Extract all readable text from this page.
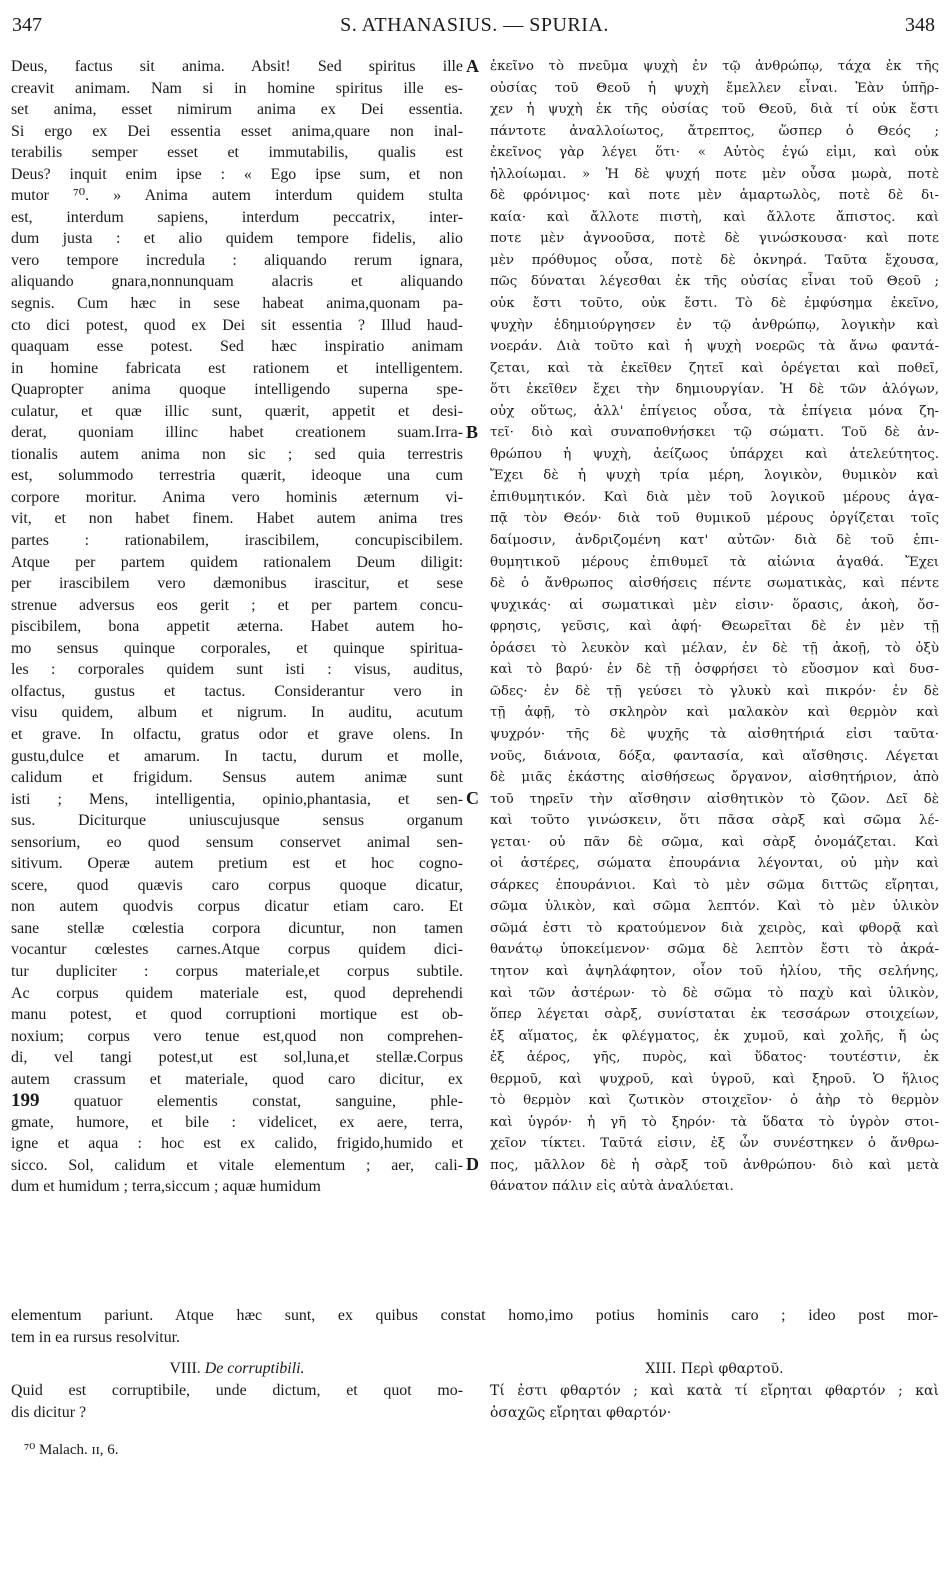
347	S. ATHANASIUS. — SPURIA.	348
Deus, factus sit anima. Absit! Sed spiritus ille
creavit animam. Nam si in homine spiritus ille es-
set anima, esset nimirum anima ex Dei essentia.
Si ergo ex Dei essentia esset anima,quare non inal-
terabilis semper esset et immutabilis, qualis est
Deus? inquit enim ipse : « Ego ipse sum, et non
mutor ⁷⁰. » Anima autem interdum quidem stulta
est, interdum sapiens, interdum peccatrix, inter-
dum justa : et alio quidem tempore fidelis, alio
vero tempore incredula : aliquando rerum ignara,
aliquando gnara,nonnunquam alacris et aliquando
segnis. Cum hæc in sese habeat anima,quonam pa-
cto dici potest, quod ex Dei sit essentia ? Illud haud-
quaquam esse potest. Sed hæc inspiratio animam
in homine fabricata est rationem et intelligentem.
Quapropter anima quoque intelligendo superna spe-
culatur, et quæ illic sunt, quærit, appetit et desi-
derat, quoniam illinc habet creationem suam.Irra-
tionalis autem anima non sic ; sed quia terrestris
est, solummodo terrestria quærit, ideoque una cum
corpore moritur. Anima vero hominis æternum vi-
vit, et non habet finem. Habet autem anima tres
partes : rationabilem, irascibilem, concupiscibilem.
Atque per partem quidem rationalem Deum diligit:
per irascibilem vero dæmonibus irascitur, et sese
strenue adversus eos gerit ; et per partem concu-
piscibilem, bona appetit æterna. Habet autem ho-
mo sensus quinque corporales, et quinque spiritua-
les : corporales quidem sunt isti : visus, auditus,
olfactus, gustus et tactus. Considerantur vero in
visu quidem, album et nigrum. In auditu, acutum
et grave. In olfactu, gratus odor et grave olens. In
gustu,dulce et amarum. In tactu, durum et molle,
calidum et frigidum. Sensus autem animæ sunt
isti ; Mens, intelligentia, opinio,phantasia, et sen-
sus. Diciturque uniuscujusque sensus organum
sensorium, eo quod sensum conservet animal sen-
sitivum. Operæ autem pretium est et hoc cogno-
scere, quod quævis caro corpus quoque dicatur,
non autem quodvis corpus dicatur etiam caro. Et
sane stellæ cœlestia corpora dicuntur, non tamen
vocantur cœlestes carnes.Atque corpus quidem dici-
tur dupliciter : corpus materiale,et corpus subtile.
Ac corpus quidem materiale est, quod deprehendi
manu potest, et quod corruptioni mortique est ob-
noxium; corpus vero tenue est,quod non comprehen-
di, vel tangi potest,ut est sol,luna,et stellæ.Corpus
autem crassum et materiale, quod caro dicitur, ex
199 quatuor elementis constat, sanguine, phle-
gmate, humore, et bile : videlicet, ex aere, terra,
igne et aqua : hoc est ex calido, frigido,humido et
sicco. Sol, calidum et vitale elementum ; aer, cali-
dum et humidum ; terra,siccum ; aquæ humidum
ἐκεῖνο τὸ πνεῦμα ψυχὴ ἐν τῷ ἀνθρώπῳ, τάχα ἐκ τῆς
οὐσίας τοῦ Θεοῦ ἡ ψυχὴ ἔμελλεν εἶναι. Ἐὰν ὑπῆρ-
χεν ἡ ψυχὴ ἐκ τῆς οὐσίας τοῦ Θεοῦ, διὰ τί οὐκ ἔστι
πάντοτε ἀναλλοίωτος, ἄτρεπτος, ὥσπερ ὁ Θεός ;
ἐκεῖνος γὰρ λέγει ὅτι· « Αὐτὸς ἐγώ εἰμι, καὶ οὐκ
ἠλλοίωμαι. » Ἡ δὲ ψυχή ποτε μὲν οὖσα μωρὰ, ποτὲ
δὲ φρόνιμος· καὶ ποτε μὲν ἁμαρτωλὸς, ποτὲ δὲ δι-
καία· καὶ ἄλλοτε πιστὴ, καὶ ἄλλοτε ἄπιστος. καὶ
ποτε μὲν ἀγνοοῦσα, ποτὲ δὲ γινώσκουσα· καὶ ποτε
μὲν πρόθυμος οὖσα, ποτὲ δὲ ὀκνηρά. Ταῦτα ἔχουσα,
πῶς δύναται λέγεσθαι ἐκ τῆς οὐσίας εἶναι τοῦ Θεοῦ ;
οὐκ ἔστι τοῦτο, οὐκ ἔστι. Τὸ δὲ ἐμφύσημα ἐκεῖνο,
ψυχὴν ἐδημιούργησεν ἐν τῷ ἀνθρώπῳ, λογικὴν καὶ
νοεράν. Διὰ τοῦτο καὶ ἡ ψυχὴ νοερῶς τὰ ἄνω φαντά-
ζεται, καὶ τὰ ἐκεῖθεν ζητεῖ καὶ ὀρέγεται καὶ ποθεῖ,
ὅτι ἐκεῖθεν ἔχει τὴν δημιουργίαν. Ἡ δὲ τῶν ἀλόγων,
οὐχ οὕτως, ἀλλ' ἐπίγειος οὖσα, τὰ ἐπίγεια μόνα ζη-
τεῖ· διὸ καὶ συναποθνήσκει τῷ σώματι. Τοῦ δὲ ἀν-
θρώπου ἡ ψυχὴ, ἀείζωος ὑπάρχει καὶ ἀτελεύτητος.
Ἔχει δὲ ἡ ψυχὴ τρία μέρη, λογικὸν, θυμικὸν καὶ
ἐπιθυμητικόν. Καὶ διὰ μὲν τοῦ λογικοῦ μέρους ἀγα-
πᾷ τὸν Θεόν· διὰ τοῦ θυμικοῦ μέρους ὀργίζεται τοῖς
δαίμοσιν, ἀνδριζομένη κατ' αὐτῶν· διὰ δὲ τοῦ ἐπι-
θυμητικοῦ μέρους ἐπιθυμεῖ τὰ αἰώνια ἀγαθά. Ἔχει
δὲ ὁ ἄνθρωπος αἰσθήσεις πέντε σωματικὰς, καὶ πέντε
ψυχικάς· αἱ σωματικαὶ μὲν εἰσιν· ὅρασις, ἀκοὴ, ὄσ-
φρησις, γεῦσις, καὶ ἁφή· Θεωρεῖται δὲ ἐν μὲν τῇ
ὁράσει τὸ λευκὸν καὶ μέλαν, ἐν δὲ τῇ ἀκοῇ, τὸ ὀξὺ
καὶ τὸ βαρύ· ἐν δὲ τῇ ὀσφρήσει τὸ εὔοσμον καὶ δυσ-
ῶδες· ἐν δὲ τῇ γεύσει τὸ γλυκὺ καὶ πικρόν· ἐν δὲ
τῇ ἀφῇ, τὸ σκληρὸν καὶ μαλακὸν καὶ θερμὸν καὶ
ψυχρόν· τῆς δὲ ψυχῆς τὰ αἰσθητήριά εἰσι ταῦτα·
νοῦς, διάνοια, δόξα, φαντασία, καὶ αἴσθησις. Λέγεται
δὲ μιᾶς ἑκάστης αἰσθήσεως ὄργανον, αἰσθητήριον, ἀπὸ
τοῦ τηρεῖν τὴν αἴσθησιν αἰσθητικὸν τὸ ζῶον. Δεῖ δὲ
καὶ τοῦτο γινώσκειν, ὅτι πᾶσα σὰρξ καὶ σῶμα λέ-
γεται· οὐ πᾶν δὲ σῶμα, καὶ σὰρξ ὀνομάζεται. Καὶ
οἱ ἀστέρες, σώματα ἐπουράνια λέγονται, οὐ μὴν καὶ
σάρκες ἐπουράνιοι. Καὶ τὸ μὲν σῶμα διττῶς εἴρηται,
σῶμα ὑλικὸν, καὶ σῶμα λεπτόν. Καὶ τὸ μὲν ὑλικὸν
σῶμά ἐστι τὸ κρατούμενον διὰ χειρὸς, καὶ φθορᾷ καὶ
θανάτῳ ὑποκείμενον· σῶμα δὲ λεπτὸν ἔστι τὸ ἀκρά-
τητον καὶ ἀψηλάφητον, οἷον τοῦ ἡλίου, τῆς σελήνης,
καὶ τῶν ἀστέρων· τὸ δὲ σῶμα τὸ παχὺ καὶ ὑλικὸν,
ὅπερ λέγεται σὰρξ, συνίσταται ἐκ τεσσάρων στοιχείων,
ἐξ αἵματος, ἐκ φλέγματος, ἐκ χυμοῦ, καὶ χολῆς, ἤ ὡς
ἐξ ἀέρος, γῆς, πυρὸς, καὶ ὕδατος· τουτέστιν, ἐκ
θερμοῦ, καὶ ψυχροῦ, καὶ ὑγροῦ, καὶ ξηροῦ. Ὁ ἥλιος
τὸ θερμὸν καὶ ζωτικὸν στοιχεῖον· ὁ ἀὴρ τὸ θερμὸν
καὶ ὑγρόν· ἡ γῆ τὸ ξηρόν· τὰ ὕδατα τὸ ὑγρὸν στοι-
χεῖον τίκτει. Ταῦτά εἰσιν, ἐξ ὧν συνέστηκεν ὁ ἄνθρω-
πος, μᾶλλον δὲ ἡ σὰρξ τοῦ ἀνθρώπου· διὸ καὶ μετὰ
θάνατον πάλιν εἰς αὐτὰ ἀναλύεται.
A
B
C
D
elementum pariunt. Atque hæc sunt, ex quibus constat homo,imo potius hominis caro ; ideo post mor-
tem in ea rursus resolvitur.
VIII. De corruptibili.
Quid est corruptibile, unde dictum, et quot mo-
dis dicitur ?
ΧIII. Περὶ φθαρτοῦ.
Τί ἐστι φθαρτόν ; καὶ κατὰ τί εἴρηται φθαρτόν ; καὶ
ὁσαχῶς εἴρηται φθαρτόν·
⁷⁰ Malach. ɪɪ, 6.
